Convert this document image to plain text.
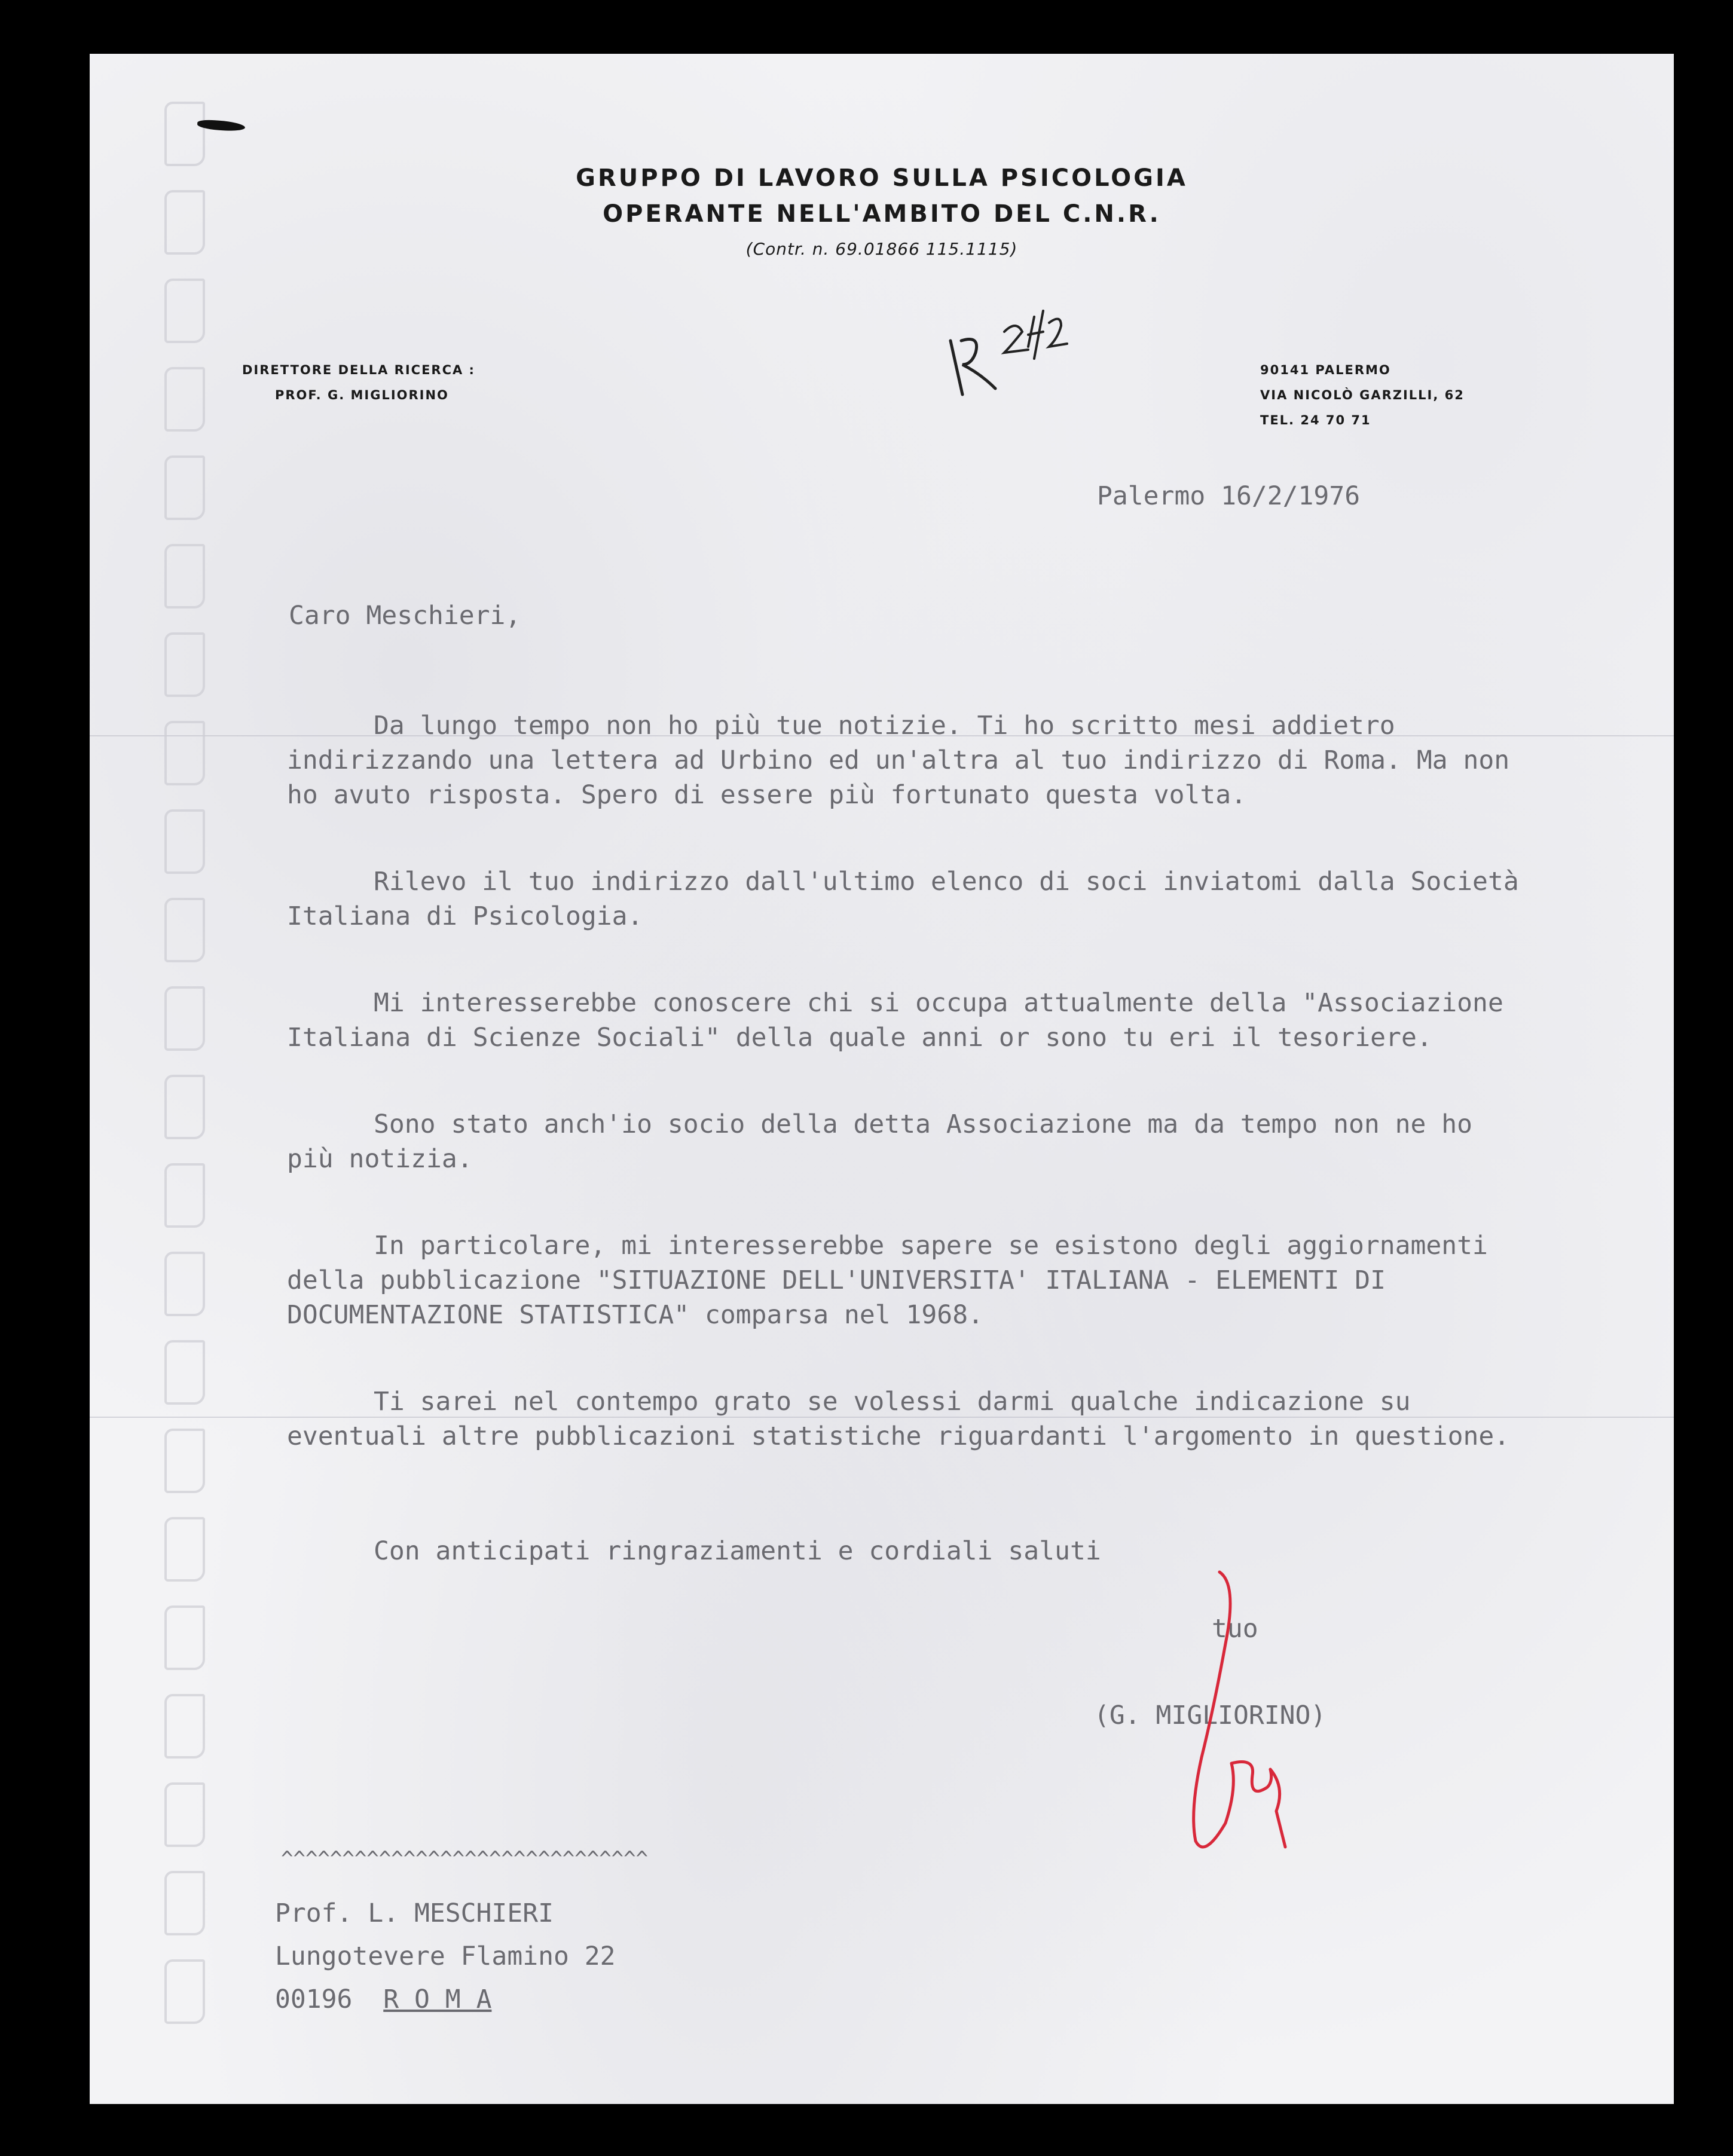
GRUPPO DI LAVORO SULLA PSICOLOGIA
OPERANTE NELL'AMBITO DEL C.N.R.
(Contr. n. 69.01866 115.1115)
DIRETTORE DELLA RICERCA :
PROF. G. MIGLIORINO
90141 PALERMO
VIA NICOLÒ GARZILLI, 62
TEL. 24 70 71
Palermo 16/2/1976
Caro Meschieri,

Da lungo tempo non ho più tue notizie. Ti ho scritto mesi addietro indirizzando una lettera ad Urbino ed un'altra al tuo indirizzo di Roma. Ma non ho avuto risposta. Spero di essere più fortunato questa volta.

Rilevo il tuo indirizzo dall'ultimo elenco di soci inviatomi dalla Società Italiana di Psicologia.

Mi interesserebbe conoscere chi si occupa attualmente della "Associazione Italiana di Scienze Sociali" della quale anni or sono tu eri il tesoriere.

Sono stato anch'io socio della detta Associazione ma da tempo non ne ho più notizia.

In particolare, mi interesserebbe sapere se esistono degli aggiornamenti della pubblicazione "SITUAZIONE DELL'UNIVERSITA' ITALIANA - ELEMENTI DI DOCUMENTAZIONE STATISTICA" comparsa nel 1968.

Ti sarei nel contempo grato se volessi darmi qualche indicazione su eventuali altre pubblicazioni statistiche riguardanti l'argomento in questione.

Con anticipati ringraziamenti e cordiali saluti
tuo
(G. MIGLIORINO)
^^^^^^^^^^^^^^^^^^^^^^^^^^^^^^
Prof. L. MESCHIERI
Lungotevere Flamino 22
00196 R O M A
